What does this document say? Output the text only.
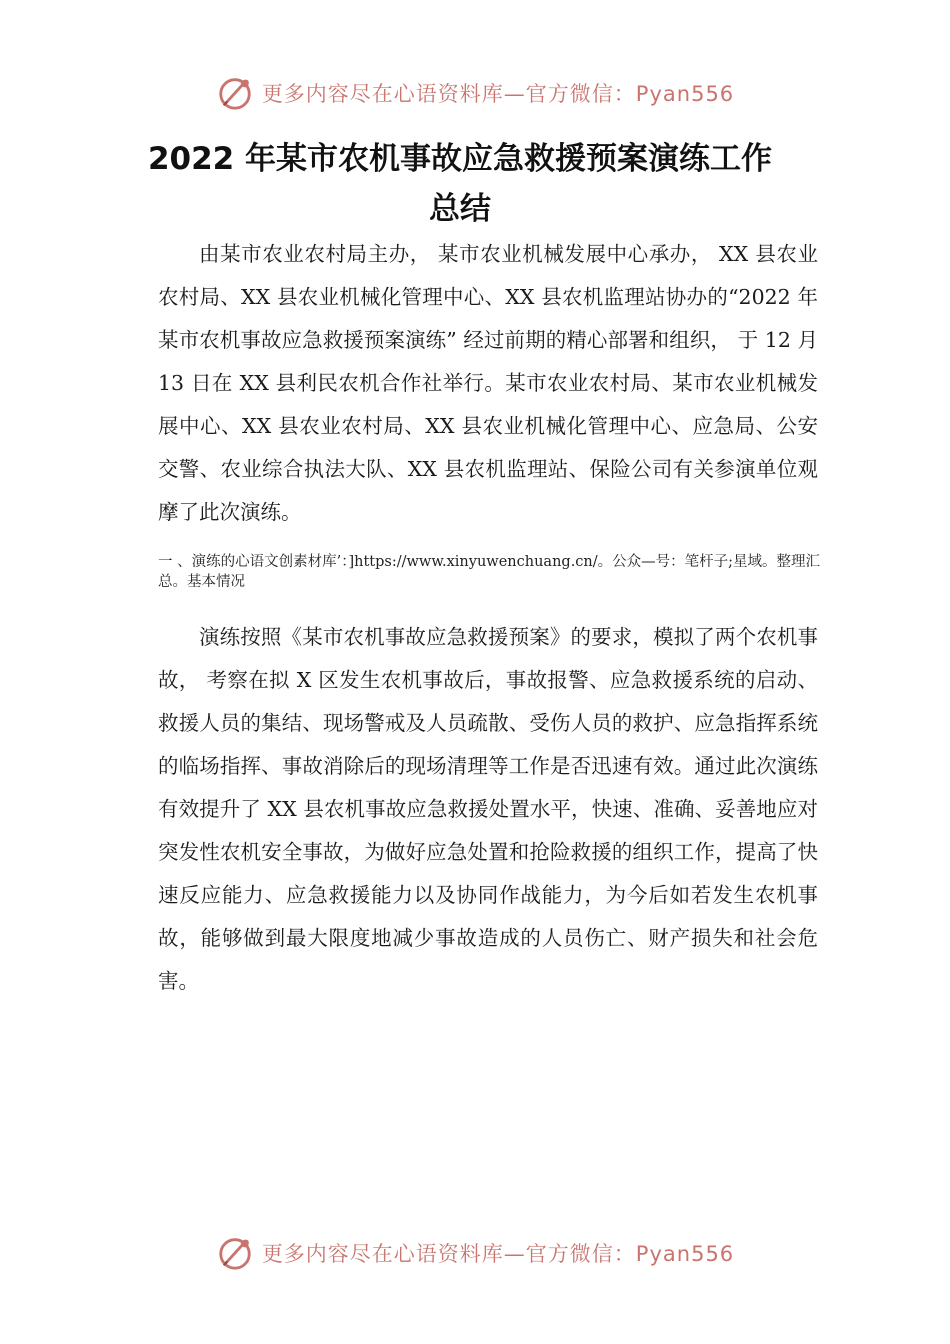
更多内容尽在心语资料库—官方微信：Pyan556
2022 年某市农机事故应急救援预案演练工作
总结

由某市农业农村局主办， 某市农业机械发展中心承办， XX 县农业农村局、XX 县农业机械化管理中心、XX 县农机监理站协办的“2022 年某市农机事故应急救援预案演练” 经过前期的精心部署和组织， 于 12 月 13 日在 XX 县利民农机合作社举行。某市农业农村局、某市农业机械发展中心、XX 县农业农村局、XX 县农业机械化管理中心、应急局、公安交警、农业综合执法大队、XX 县农机监理站、保险公司有关参演单位观摩了此次演练。

一 、演练的心语文创素材库’：]https://www.xinyuwenchuang.cn/。公众—号：笔杆子;星域。整理汇总。基本情况

演练按照《某市农机事故应急救援预案》的要求，模拟了两个农机事故， 考察在拟 X 区发生农机事故后，事故报警、应急救援系统的启动、救援人员的集结、现场警戒及人员疏散、受伤人员的救护、应急指挥系统的临场指挥、事故消除后的现场清理等工作是否迅速有效。通过此次演练有效提升了 XX 县农机事故应急救援处置水平，快速、准确、妥善地应对突发性农机安全事故，为做好应急处置和抢险救援的组织工作，提高了快速反应能力、应急救援能力以及协同作战能力，为今后如若发生农机事故，能够做到最大限度地减少事故造成的人员伤亡、财产损失和社会危害。

更多内容尽在心语资料库—官方微信：Pyan556
